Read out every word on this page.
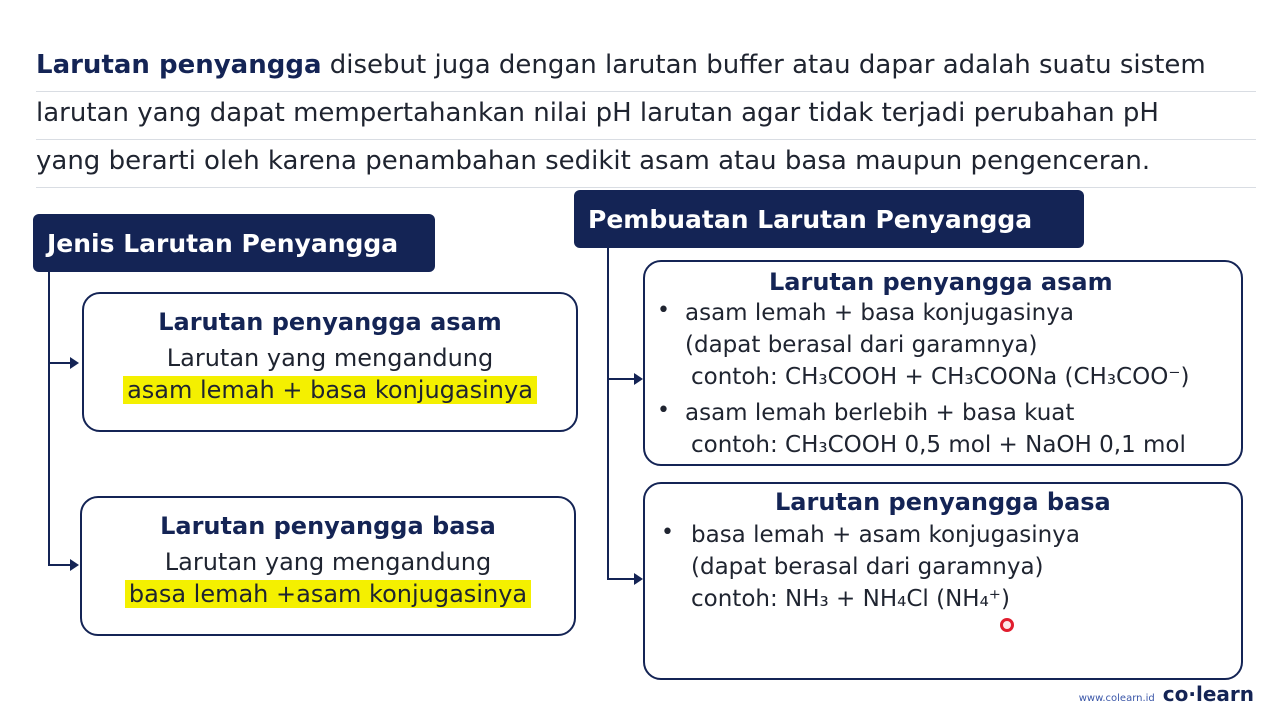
Larutan penyangga disebut juga dengan larutan buffer atau dapar adalah suatu sistem
larutan yang dapat mempertahankan nilai pH larutan agar tidak terjadi perubahan pH
yang berarti oleh karena penambahan sedikit asam atau basa maupun pengenceran.
Jenis Larutan Penyangga
Larutan penyangga asam
Larutan yang mengandung
asam lemah + basa konjugasinya
Larutan penyangga basa
Larutan yang mengandung
basa lemah +asam konjugasinya
Pembuatan Larutan Penyangga
Larutan penyangga asam
• asam lemah + basa konjugasinya
(dapat berasal dari garamnya)
contoh: CH₃COOH + CH₃COONa (CH₃COO⁻)
• asam lemah berlebih + basa kuat
contoh: CH₃COOH 0,5 mol + NaOH 0,1 mol
Larutan penyangga basa
• basa lemah + asam konjugasinya
(dapat berasal dari garamnya)
contoh: NH₃ + NH₄Cl (NH₄⁺)
www.colearn.id co·learn
